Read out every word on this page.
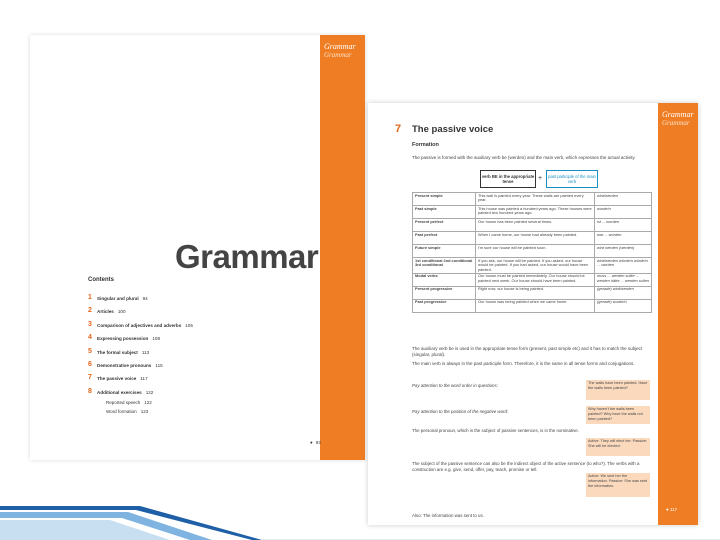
Grammar
Grammar
Grammar
Contents
1 Singular and plural 94
2 Articles 100
3 Comparison of adjectives and adverbs 105
4 Expressing possession 108
5 The formal subject 113
6 Demonstrative pronouns 115
7 The passive voice 117
8 Additional exercises 122
Reported speech 122
Word formation 123
● 93
Grammar
Grammar
7 The passive voice
Formation
The passive is formed with the auxiliary verb be (werden) and the main verb, which expresses the actual activity.
verb BE in the appropriate tense	+	past participle of the main verb
Present simple	This wall is painted every year. These walls are painted every year.	wird/werden
Past simple	This house was painted a hundred years ago. These houses were painted two hundred years ago.	wurde/n
Present perfect	Our house has been painted several times.	ist ... worden
Past perfect	When I came home, our house had already been painted.	war ... worden
Future simple	I'm sure our house will be painted soon.	wird werden (werden)
1st conditional 2nd conditional 3rd conditional	If you ask, our house will be painted. If you asked, our house would be painted. If you had asked, our house would have been painted.	wird/werden würde/n würde/n ... worden
Modal verbs	Our house must be painted immediately. Our house should be painted next week. Our house should have been painted.	muss ... werden sollte ... werden hätte ... werden sollen
Present progressive	Right now, our house is being painted.	(gerade) wird/werden
Past progressive	Our house was being painted when we came home.	(gerade) wurde/n
The auxiliary verb be is used in the appropriate tense form (present, past simple etc) and it has to match the subject (singular, plural).
The main verb is always in the past participle form. Therefore, it is the same in all tense forms and conjugations.
Pay attention to the word order in questions:	The walls have been painted. Have the walls been painted?
Pay attention to the position of the negative word:	Why haven't the walls been painted? Why have the walls not been painted?
The personal pronoun, which is the subject of passive sentences, is in the nominative.
Active: They will elect her. Passive: She will be elected.
The subject of the passive sentence can also be the indirect object of the active sentence (to who?). The verbs with a construction are e.g. give, send, offer, pay, teach, promise or tell.
Active: We sent her the information. Passive: She was sent the information.
Also: The information was sent to us.
● 117
